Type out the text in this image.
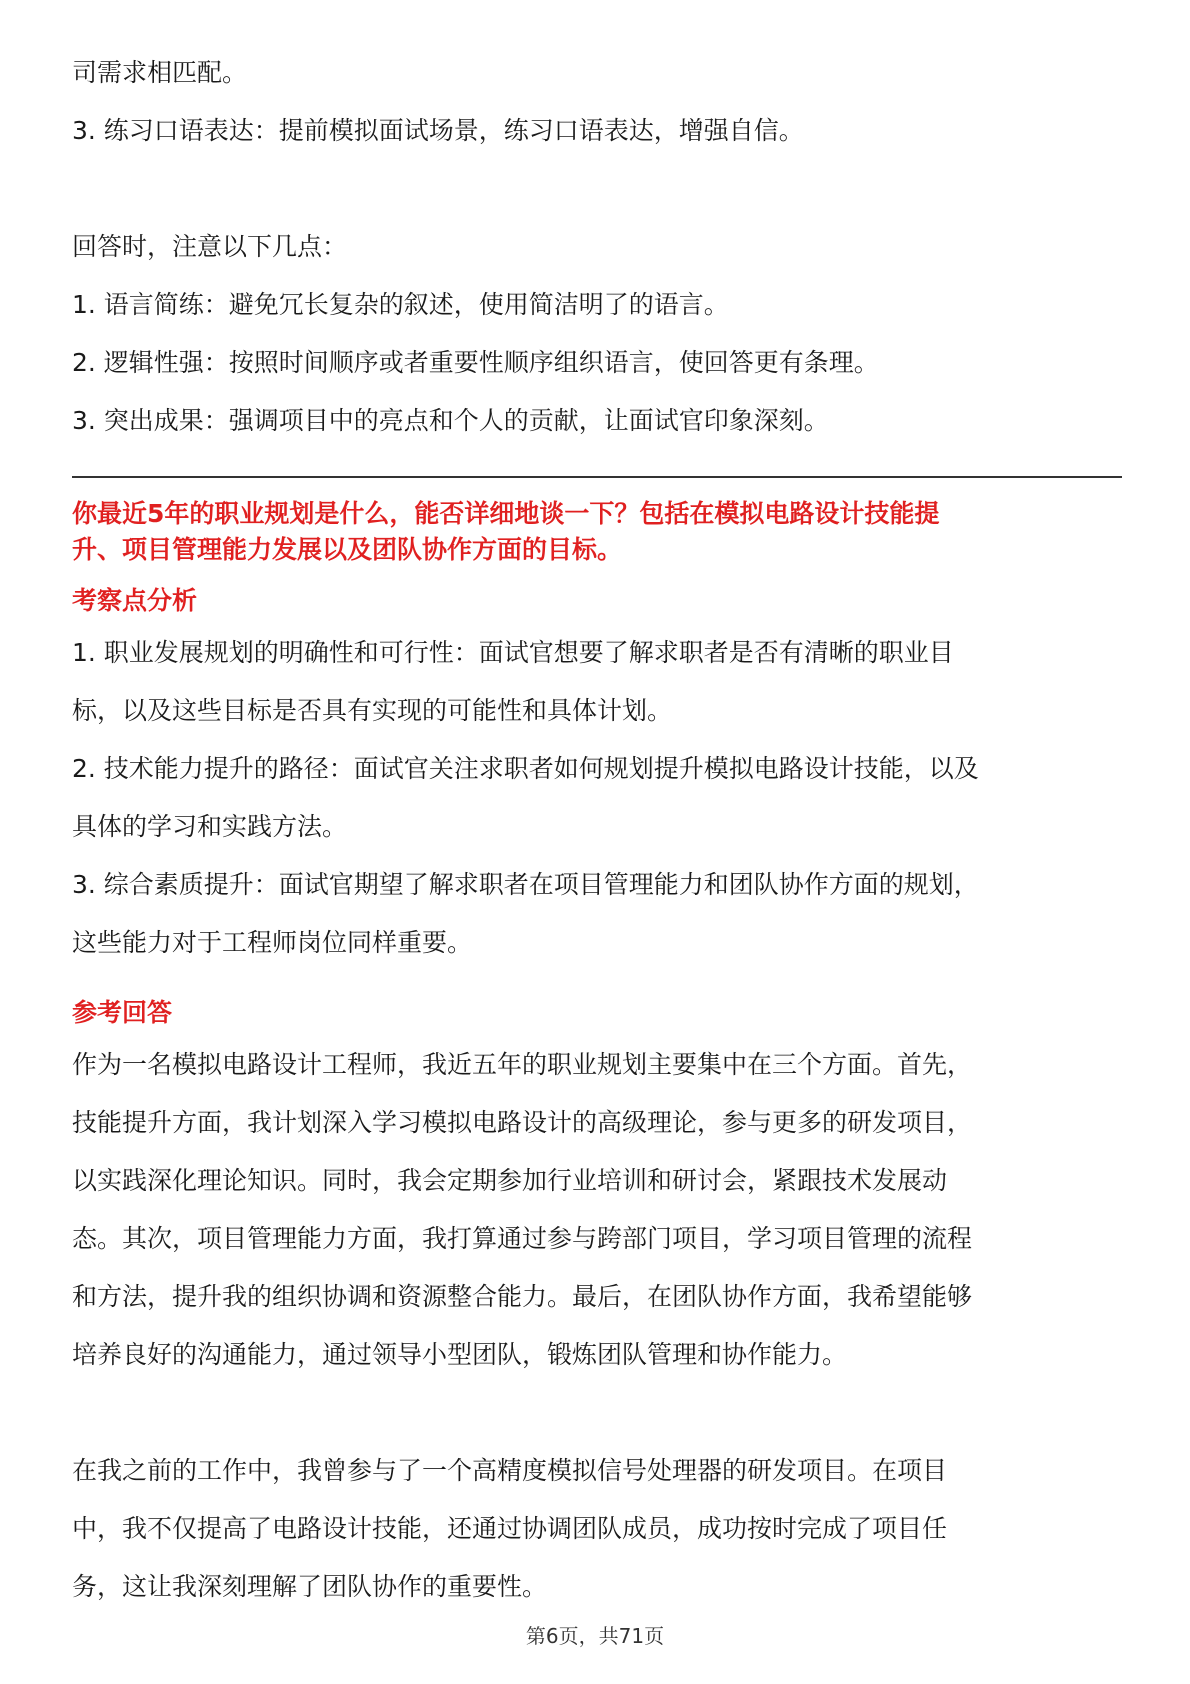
司需求相匹配。

3. 练习口语表达：提前模拟面试场景，练习口语表达，增强自信。

回答时，注意以下几点：

1. 语言简练：避免冗长复杂的叙述，使用简洁明了的语言。

2. 逻辑性强：按照时间顺序或者重要性顺序组织语言，使回答更有条理。

3. 突出成果：强调项目中的亮点和个人的贡献，让面试官印象深刻。

你最近5年的职业规划是什么，能否详细地谈一下？包括在模拟电路设计技能提
升、项目管理能力发展以及团队协作方面的目标。

考察点分析

1. 职业发展规划的明确性和可行性：面试官想要了解求职者是否有清晰的职业目

标，以及这些目标是否具有实现的可能性和具体计划。

2. 技术能力提升的路径：面试官关注求职者如何规划提升模拟电路设计技能，以及

具体的学习和实践方法。

3. 综合素质提升：面试官期望了解求职者在项目管理能力和团队协作方面的规划，

这些能力对于工程师岗位同样重要。

参考回答

作为一名模拟电路设计工程师，我近五年的职业规划主要集中在三个方面。首先，

技能提升方面，我计划深入学习模拟电路设计的高级理论，参与更多的研发项目，

以实践深化理论知识。同时，我会定期参加行业培训和研讨会，紧跟技术发展动

态。其次，项目管理能力方面，我打算通过参与跨部门项目，学习项目管理的流程

和方法，提升我的组织协调和资源整合能力。最后，在团队协作方面，我希望能够

培养良好的沟通能力，通过领导小型团队，锻炼团队管理和协作能力。

在我之前的工作中，我曾参与了一个高精度模拟信号处理器的研发项目。在项目

中，我不仅提高了电路设计技能，还通过协调团队成员，成功按时完成了项目任

务，这让我深刻理解了团队协作的重要性。

第6页，共71页
